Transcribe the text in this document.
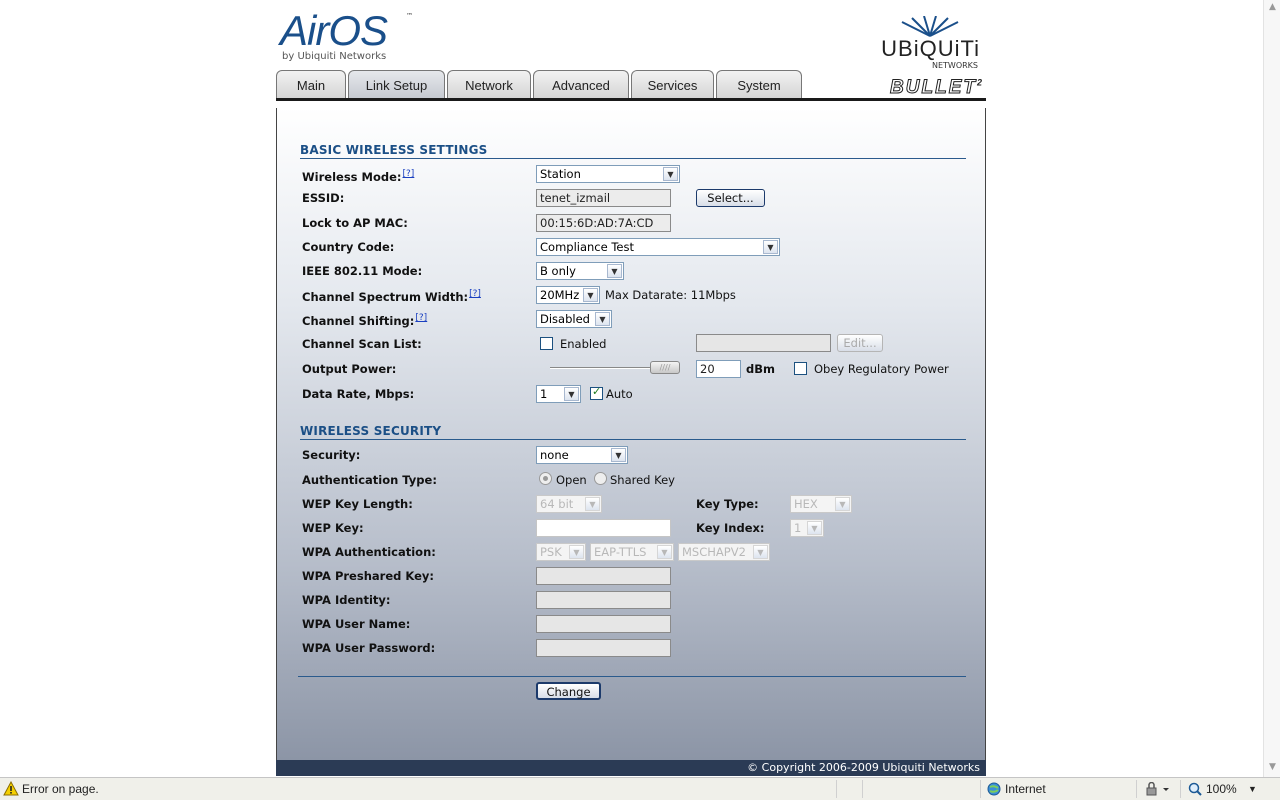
AirOS	™
by Ubiquiti Networks	UBiQUiTi
NETWORKS
BULLET$^2$
Main	Link Setup	Network	Advanced	Services	System
BASIC WIRELESS SETTINGS
Wireless Mode:[?]	Station	▼
ESSID:	tenet_izmail	Select...
Lock to AP MAC:	00:15:6D:AD:7A:CD
Country Code:	Compliance Test	▼
IEEE 802.11 Mode:	B only	▼
Channel Spectrum Width:[?]	20MHz	▼ Max Datarate: 11Mbps
Channel Shifting:[?]	Disabled	▼
Channel Scan List:	Enabled	Edit...
Output Power:	////	20	dBm	Obey Regulatory Power
Data Rate, Mbps:	1	▼
✓	Auto
WIRELESS SECURITY
Security:	none	▼
Authentication Type:	Open Shared Key
WEP Key Length:	64 bit	▼	Key Type:	HEX	▼
WEP Key:	Key Index:	1	▼
WPA Authentication:	PSK	▼	EAP-TTLS	▼	MSCHAPV2	▼
WPA Preshared Key:
WPA Identity:
WPA User Name:
WPA User Password:
Change
© Copyright 2006-2009 Ubiquiti Networks
▲
▼
Error on page.	Internet	100% ▼
